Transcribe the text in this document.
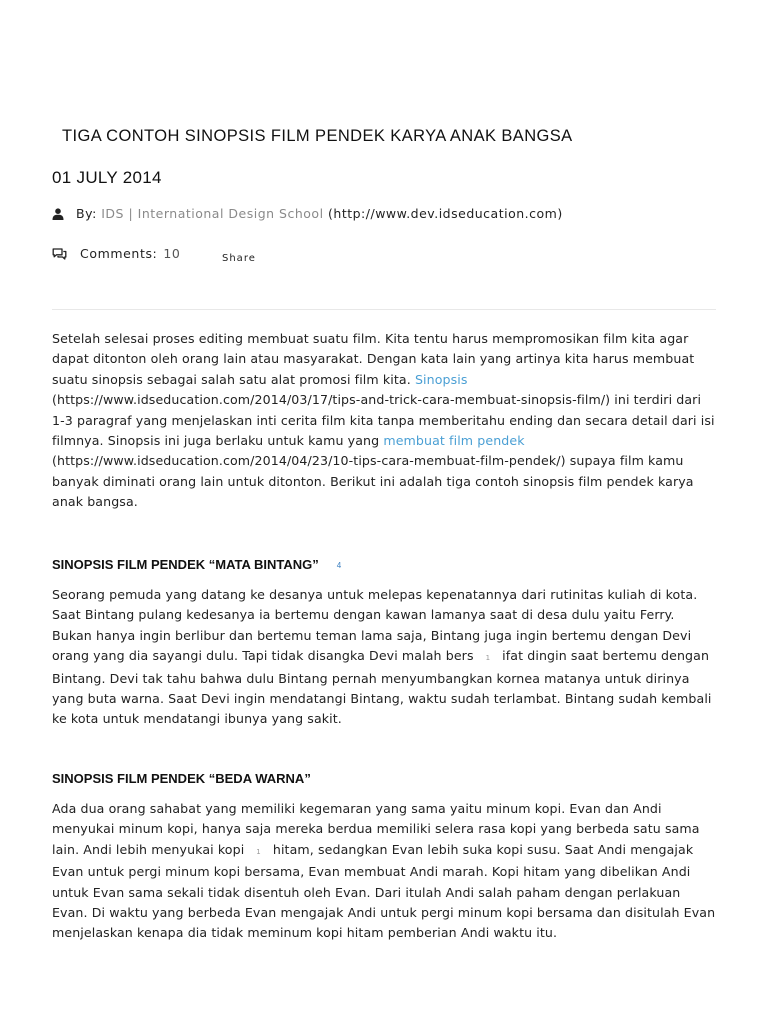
TIGA CONTOH SINOPSIS FILM PENDEK KARYA ANAK BANGSA
01 JULY 2014
By: IDS | International Design School (http://www.dev.idseducation.com)
Comments: 10	Share

Setelah selesai proses editing membuat suatu film. Kita tentu harus mempromosikan film kita agar dapat ditonton oleh orang lain atau masyarakat. Dengan kata lain yang artinya kita harus membuat suatu sinopsis sebagai salah satu alat promosi film kita. Sinopsis (https://www.idseducation.com/2014/03/17/tips-and-trick-cara-membuat-sinopsis-film/) ini terdiri dari 1-3 paragraf yang menjelaskan inti cerita film kita tanpa memberitahu ending dan secara detail dari isi filmnya. Sinopsis ini juga berlaku untuk kamu yang membuat film pendek (https://www.idseducation.com/2014/04/23/10-tips-cara-membuat-film-pendek/) supaya film kamu banyak diminati orang lain untuk ditonton. Berikut ini adalah tiga contoh sinopsis film pendek karya anak bangsa.

SINOPSIS FILM PENDEK “MATA BINTANG” 4

Seorang pemuda yang datang ke desanya untuk melepas kepenatannya dari rutinitas kuliah di kota. Saat Bintang pulang kedesanya ia bertemu dengan kawan lamanya saat di desa dulu yaitu Ferry. Bukan hanya ingin berlibur dan bertemu teman lama saja, Bintang juga ingin bertemu dengan Devi orang yang dia sayangi dulu. Tapi tidak disangka Devi malah bers 1 ifat dingin saat bertemu dengan Bintang. Devi tak tahu bahwa dulu Bintang pernah menyumbangkan kornea matanya untuk dirinya yang buta warna. Saat Devi ingin mendatangi Bintang, waktu sudah terlambat. Bintang sudah kembali ke kota untuk mendatangi ibunya yang sakit.

SINOPSIS FILM PENDEK “BEDA WARNA”

Ada dua orang sahabat yang memiliki kegemaran yang sama yaitu minum kopi. Evan dan Andi menyukai minum kopi, hanya saja mereka berdua memiliki selera rasa kopi yang berbeda satu sama lain. Andi lebih menyukai kopi 1 hitam, sedangkan Evan lebih suka kopi susu. Saat Andi mengajak Evan untuk pergi minum kopi bersama, Evan membuat Andi marah. Kopi hitam yang dibelikan Andi untuk Evan sama sekali tidak disentuh oleh Evan. Dari itulah Andi salah paham dengan perlakuan Evan. Di waktu yang berbeda Evan mengajak Andi untuk pergi minum kopi bersama dan disitulah Evan menjelaskan kenapa dia tidak meminum kopi hitam pemberian Andi waktu itu.
